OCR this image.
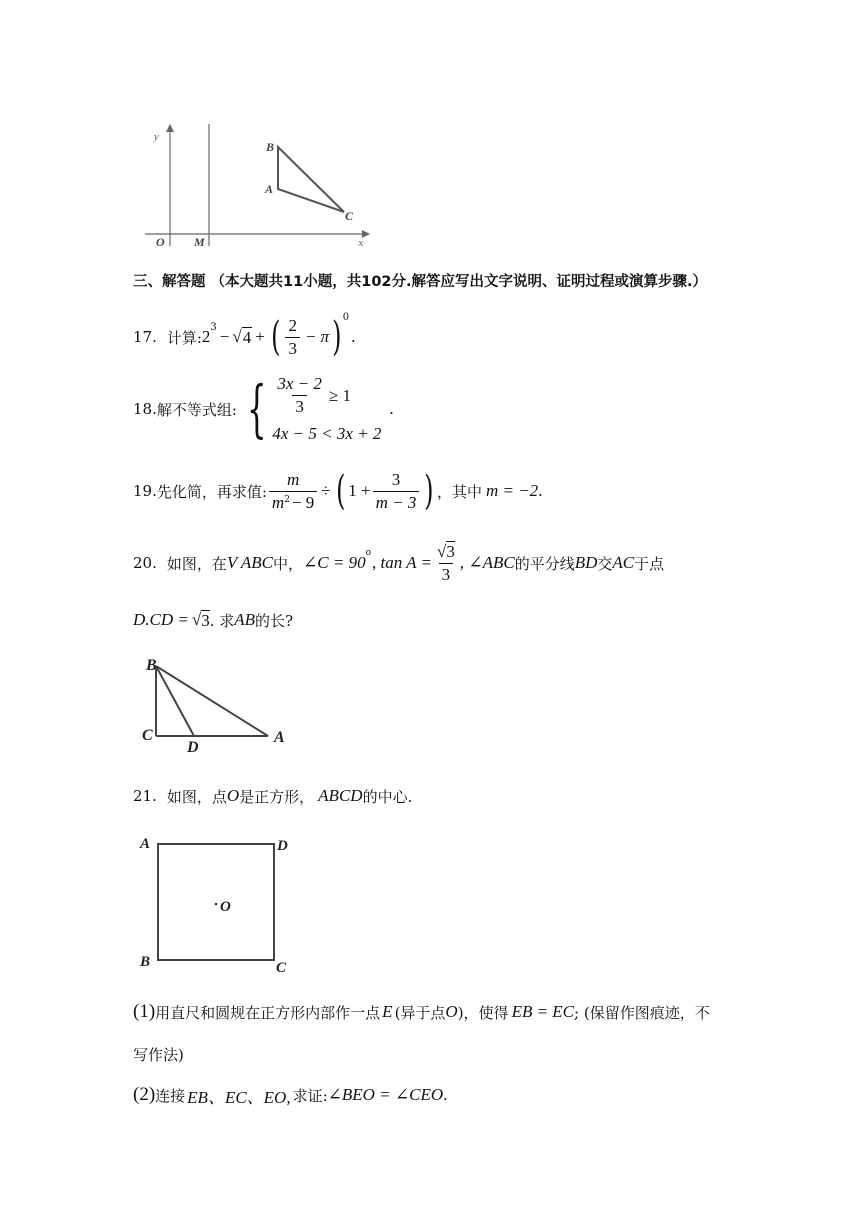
y
x
O M
B
A
C
三、解答题 （本大题共11小题，共102分.解答应写出文字说明、证明过程或演算步骤.）
17. 计算: $2^3$ − √ 4 + ( $\frac{2}{3} - \pi$ ) 0
.
18. 解不等式组: { $\frac{3x - 2}{3} \ge 1$
4x − 5 < 3x + 2
.
19. 先化简，再求值: $\frac{m}{m^2 - 9}$ ÷ ( $1 + \frac{3}{m - 3}$ ) ，其中 m = −2 .
20. 如图，在 V ABC 中， ∠C = 90 o , $\tan A = \frac{√3}{3}$ , ∠ABC 的平分线 BD 交 AC 于点
D.CD = √ 3 . 求 AB 的长?
B
C
D
A
21. 如图，点 O 是正方形， ABCD 的中心.
A	D
O
B	C
(1) 用直尺和圆规在正方形内部作一点 E (异于点 O )，使得 EB = EC ; (保留作图痕迹，不
写作法)
(2) 连接 EB、EC、EO, 求证: ∠BEO = ∠CEO .
